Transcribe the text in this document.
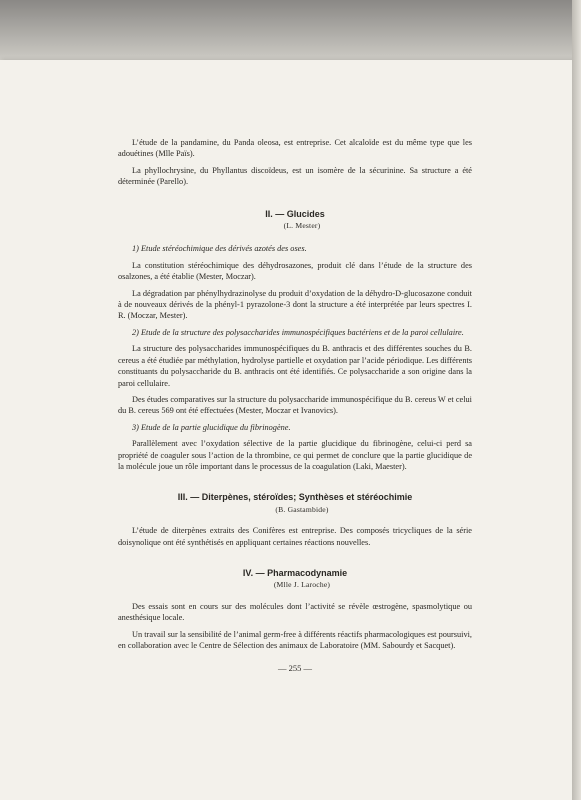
L’étude de la pandamine, du Panda oleosa, est entreprise. Cet alcaloïde est du même type que les adouétines (Mlle Païs).

La phyllochrysine, du Phyllantus discoïdeus, est un isomère de la sécurinine. Sa structure a été déterminée (Parello).

II. — Glucides

(L. Mester)

1) Etude stéréochimique des dérivés azotés des oses.

La constitution stéréochimique des déhydrosazones, produit clé dans l’étude de la structure des osalzones, a été établie (Mester, Moczar).

La dégradation par phénylhydrazinolyse du produit d’oxydation de la déhydro-D-glucosazone conduit à de nouveaux dérivés de la phényl-1 pyrazolone-3 dont la structure a été interprétée par leurs spectres I. R. (Moczar, Mester).

2) Etude de la structure des polysaccharides immunospécifiques bactériens et de la paroi cellulaire.

La structure des polysaccharides immunospécifiques du B. anthracis et des différentes souches du B. cereus a été étudiée par méthylation, hydrolyse partielle et oxydation par l’acide périodique. Les différents constituants du polysaccharide du B. anthracis ont été identifiés. Ce polysaccharide a son origine dans la paroi cellulaire.

Des études comparatives sur la structure du polysaccharide immunospécifique du B. cereus W et celui du B. cereus 569 ont été effectuées (Mester, Moczar et Ivanovics).

3) Etude de la partie glucidique du fibrinogène.

Parallèlement avec l’oxydation sélective de la partie glucidique du fibrinogène, celui-ci perd sa propriété de coaguler sous l’action de la thrombine, ce qui permet de conclure que la partie glucidique de la molécule joue un rôle important dans le processus de la coagulation (Laki, Maester).

III. — Diterpènes, stéroïdes; Synthèses et stéréochimie

(B. Gastambide)

L’étude de diterpènes extraits des Conifères est entreprise. Des composés tricycliques de la série doisynolique ont été synthétisés en appliquant certaines réactions nouvelles.

IV. — Pharmacodynamie

(Mlle J. Laroche)

Des essais sont en cours sur des molécules dont l’activité se révèle œstrogène, spasmolytique ou anesthésique locale.

Un travail sur la sensibilité de l’animal germ-free à différents réactifs pharmacologiques est poursuivi, en collaboration avec le Centre de Sélection des animaux de Laboratoire (MM. Sabourdy et Sacquet).

— 255 —
